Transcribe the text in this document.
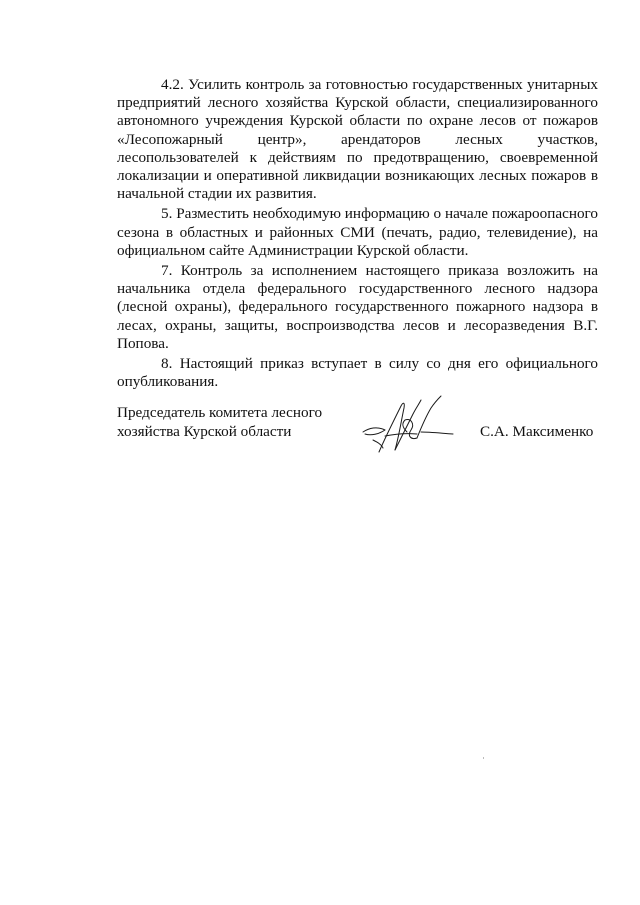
4.2. Усилить контроль за готовностью государственных унитарных предприятий лесного хозяйства Курской области, специализированного автономного учреждения Курской области по охране лесов от пожаров «Лесопожарный центр», арендаторов лесных участков, лесопользователей к действиям по предотвращению, своевременной локализации и оперативной ликвидации возникающих лесных пожаров в начальной стадии их развития.

5. Разместить необходимую информацию о начале пожароопасного сезона в областных и районных СМИ (печать, радио, телевидение), на официальном сайте Администрации Курской области.

7. Контроль за исполнением настоящего приказа возложить на начальника отдела федерального государственного лесного надзора (лесной охраны), федерального государственного пожарного надзора в лесах, охраны, защиты, воспроизводства лесов и лесоразведения В.Г. Попова.

8. Настоящий приказ вступает в силу со дня его официального опубликования.

Председатель комитета лесного
хозяйства Курской области	С.А. Максименко
